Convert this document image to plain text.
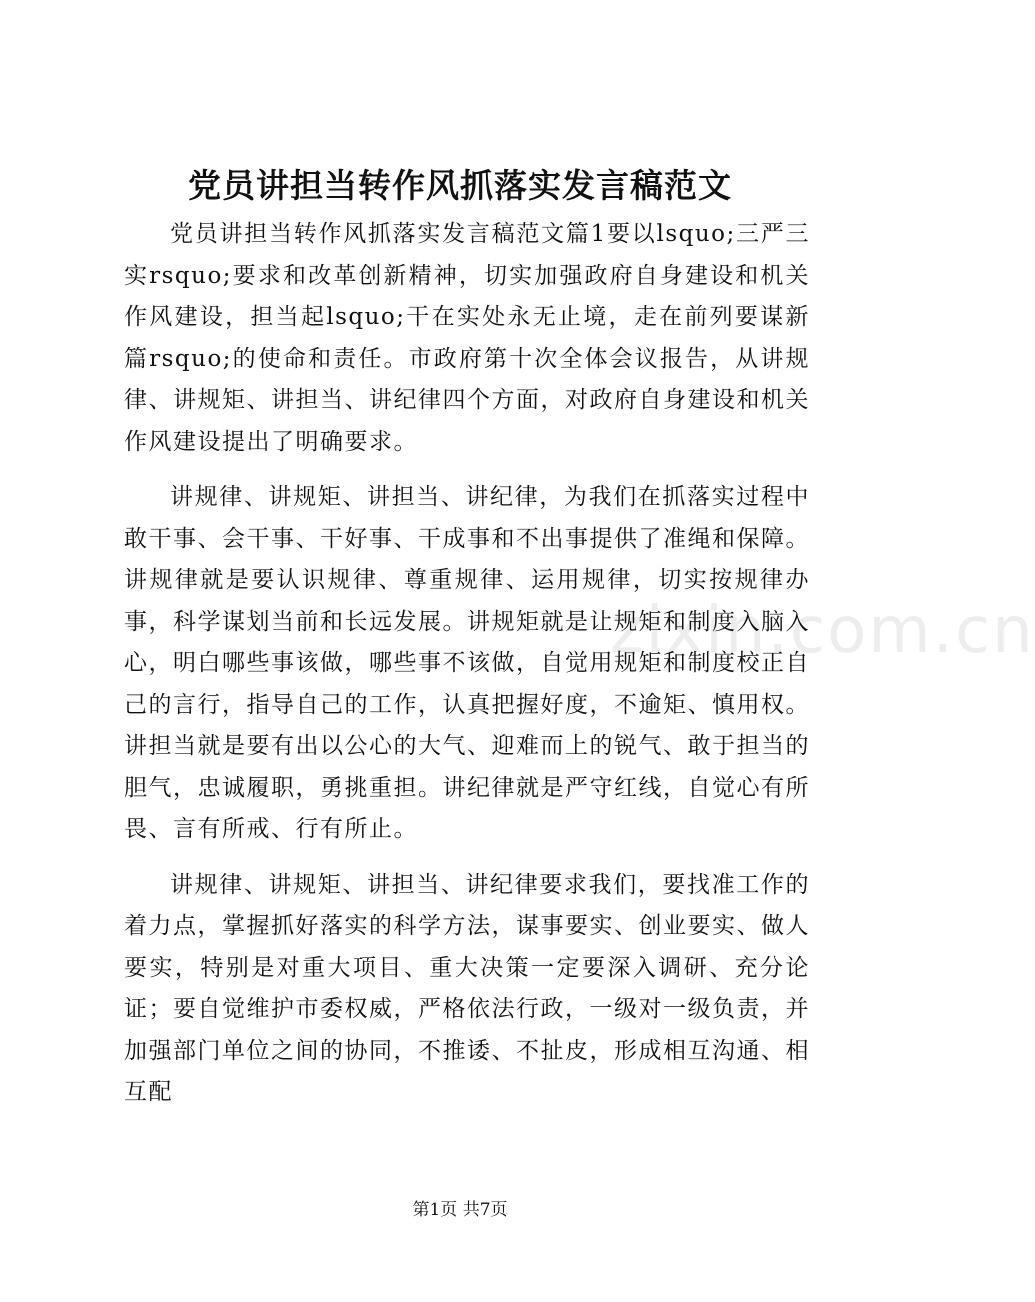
党员讲担当转作风抓落实发言稿范文

党员讲担当转作风抓落实发言稿范文篇1要以lsquo;三严三实rsquo;要求和改革创新精神，切实加强政府自身建设和机关作风建设，担当起lsquo;干在实处永无止境，走在前列要谋新篇rsquo;的使命和责任。市政府第十次全体会议报告，从讲规律、讲规矩、讲担当、讲纪律四个方面，对政府自身建设和机关作风建设提出了明确要求。

讲规律、讲规矩、讲担当、讲纪律，为我们在抓落实过程中敢干事、会干事、干好事、干成事和不出事提供了准绳和保障。讲规律就是要认识规律、尊重规律、运用规律，切实按规律办事，科学谋划当前和长远发展。讲规矩就是让规矩和制度入脑入心，明白哪些事该做，哪些事不该做，自觉用规矩和制度校正自己的言行，指导自己的工作，认真把握好度，不逾矩、慎用权。讲担当就是要有出以公心的大气、迎难而上的锐气、敢于担当的胆气，忠诚履职，勇挑重担。讲纪律就是严守红线，自觉心有所畏、言有所戒、行有所止。

讲规律、讲规矩、讲担当、讲纪律要求我们，要找准工作的着力点，掌握抓好落实的科学方法，谋事要实、创业要实、做人要实，特别是对重大项目、重大决策一定要深入调研、充分论证；要自觉维护市委权威，严格依法行政，一级对一级负责，并加强部门单位之间的协同，不推诿、不扯皮，形成相互沟通、相互配

zixin.com.cn
第1页 共7页
